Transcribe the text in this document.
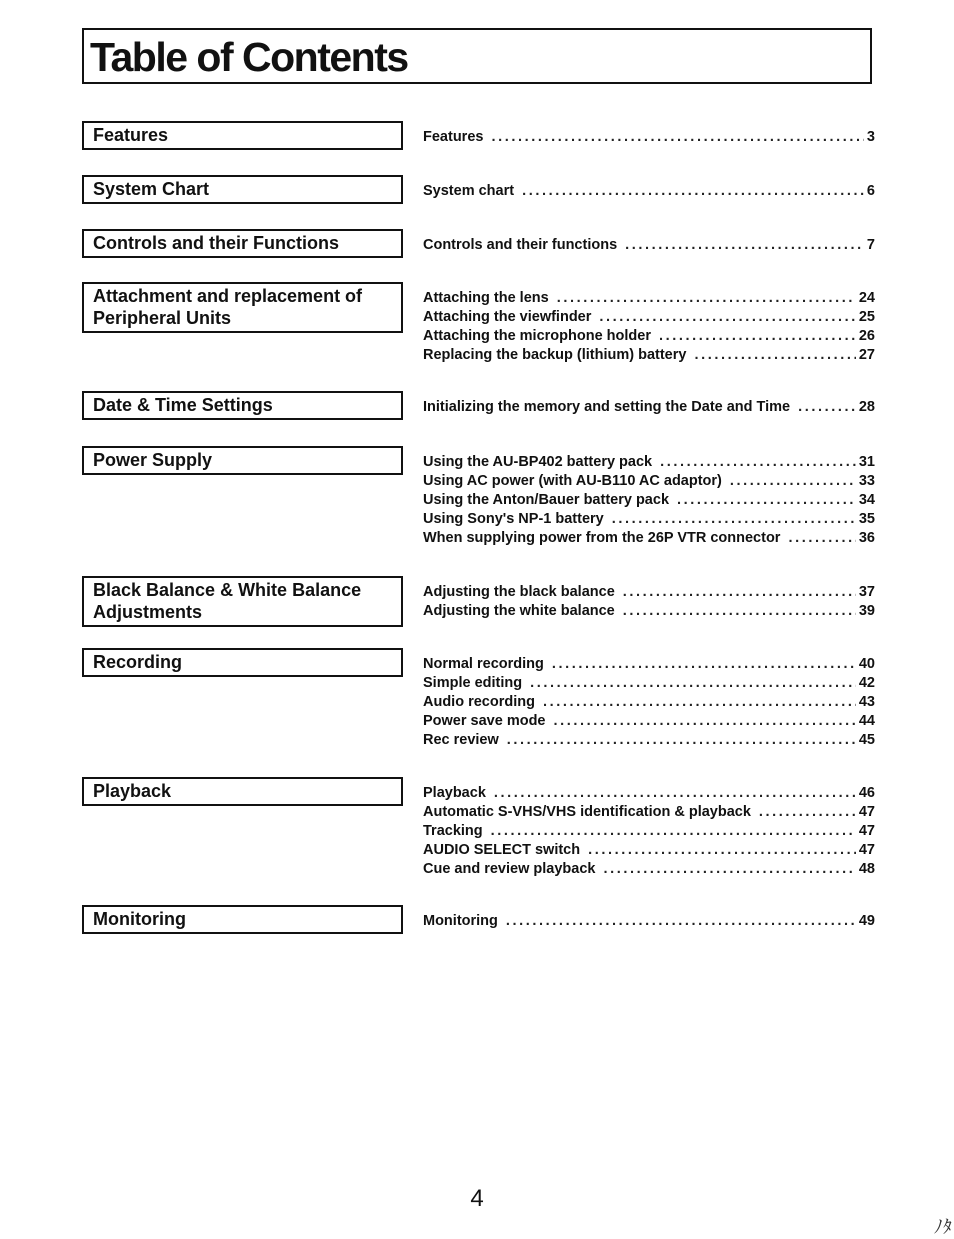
Table of Contents
Features	Features .....	3
System Chart	System chart .....	6
Controls and their Functions	Controls and their functions .....	7
Attachment and replacement of
Peripheral Units
Attaching the lens .....	24
Attaching the viewfinder .....	25
Attaching the microphone holder .....	26
Replacing the backup (lithium) battery .....	27
Date & Time Settings	Initializing the memory and setting the Date and Time .....	28
Power Supply	Using the AU-BP402 battery pack .....	31
Using AC power (with AU-B110 AC adaptor) .....	33
Using the Anton/Bauer battery pack .....	34
Using Sony's NP-1 battery .....	35
When supplying power from the 26P VTR connector .....	36
Black Balance & White Balance
Adjustments
Adjusting the black balance .....	37
Adjusting the white balance .....	39
Recording	Normal recording .....	40
Simple editing .....	42
Audio recording .....	43
Power save mode .....	44
Rec review .....	45
Playback	Playback .....	46
Automatic S-VHS/VHS identification & playback .....	47
Tracking .....	47
AUDIO SELECT switch .....	47
Cue and review playback .....	48
Monitoring	Monitoring .....	49
4
ﾉﾀ
